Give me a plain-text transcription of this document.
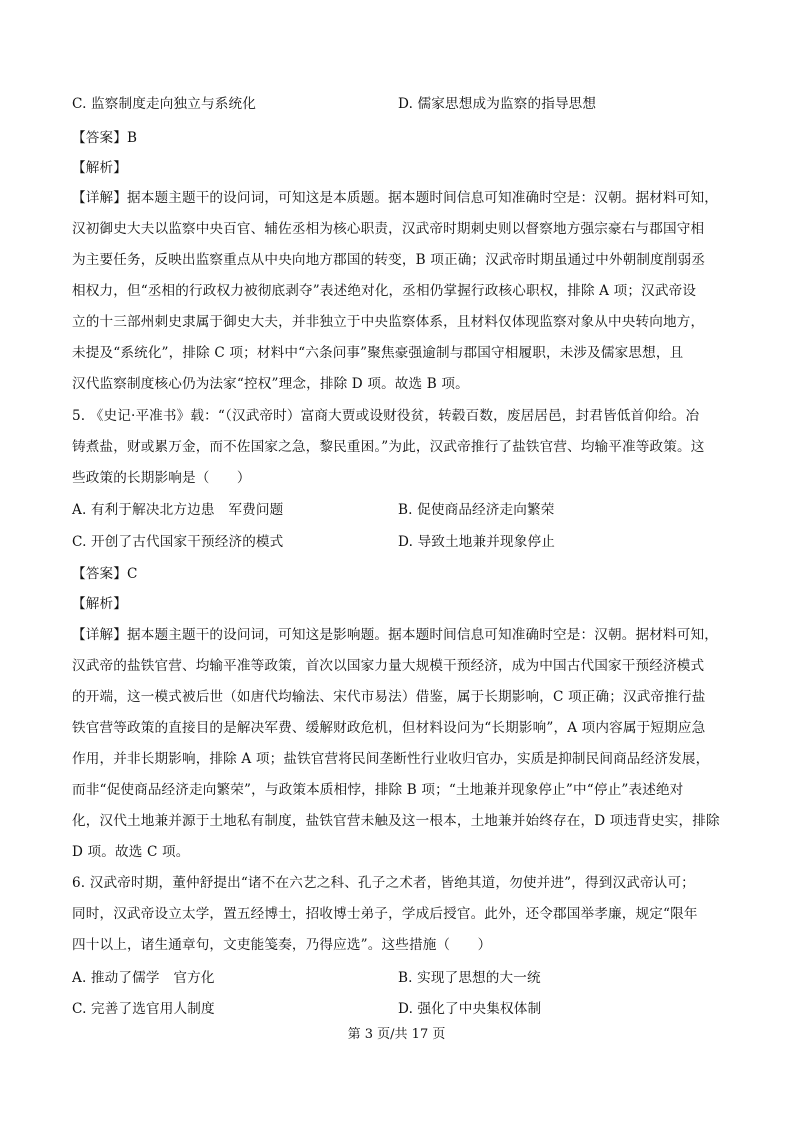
C. 监察制度走向独立与系统化	D. 儒家思想成为监察的指导思想
【答案】B
【解析】
【详解】据本题主题干的设问词，可知这是本质题。据本题时间信息可知准确时空是：汉朝。据材料可知，
汉初御史大夫以监察中央百官、辅佐丞相为核心职责，汉武帝时期刺史则以督察地方强宗豪右与郡国守相
为主要任务，反映出监察重点从中央向地方郡国的转变，B 项正确；汉武帝时期虽通过中外朝制度削弱丞
相权力，但“丞相的行政权力被彻底剥夺”表述绝对化，丞相仍掌握行政核心职权，排除 A 项；汉武帝设
立的十三部州刺史隶属于御史大夫，并非独立于中央监察体系，且材料仅体现监察对象从中央转向地方，
未提及“系统化”，排除 C 项；材料中“六条问事”聚焦豪强逾制与郡国守相履职，未涉及儒家思想，且
汉代监察制度核心仍为法家“控权”理念，排除 D 项。故选 B 项。
5. 《史记·平准书》载：“（汉武帝时）富商大贾或设财役贫，转毂百数，废居居邑，封君皆低首仰给。冶
铸煮盐，财或累万金，而不佐国家之急，黎民重困。”为此，汉武帝推行了盐铁官营、均输平准等政策。这
些政策的长期影响是（　　）
A. 有利于解决北方边患　军费问题	B. 促使商品经济走向繁荣
C. 开创了古代国家干预经济的模式	D. 导致土地兼并现象停止
【答案】C
【解析】
【详解】据本题主题干的设问词，可知这是影响题。据本题时间信息可知准确时空是：汉朝。据材料可知，
汉武帝的盐铁官营、均输平准等政策，首次以国家力量大规模干预经济，成为中国古代国家干预经济模式
的开端，这一模式被后世（如唐代均输法、宋代市易法）借鉴，属于长期影响，C 项正确；汉武帝推行盐
铁官营等政策的直接目的是解决军费、缓解财政危机，但材料设问为“长期影响”，A 项内容属于短期应急
作用，并非长期影响，排除 A 项；盐铁官营将民间垄断性行业收归官办，实质是抑制民间商品经济发展，
而非“促使商品经济走向繁荣”，与政策本质相悖，排除 B 项；“土地兼并现象停止”中“停止”表述绝对
化，汉代土地兼并源于土地私有制度，盐铁官营未触及这一根本，土地兼并始终存在，D 项违背史实，排除
D 项。故选 C 项。
6. 汉武帝时期，董仲舒提出“诸不在六艺之科、孔子之术者，皆绝其道，勿使并进”，得到汉武帝认可；
同时，汉武帝设立太学，置五经博士，招收博士弟子，学成后授官。此外，还令郡国举孝廉，规定“限年
四十以上，诸生通章句，文吏能笺奏，乃得应选”。这些措施（　　）
A. 推动了儒学　官方化	B. 实现了思想的大一统
C. 完善了选官用人制度	D. 强化了中央集权体制
第 3 页/共 17 页
